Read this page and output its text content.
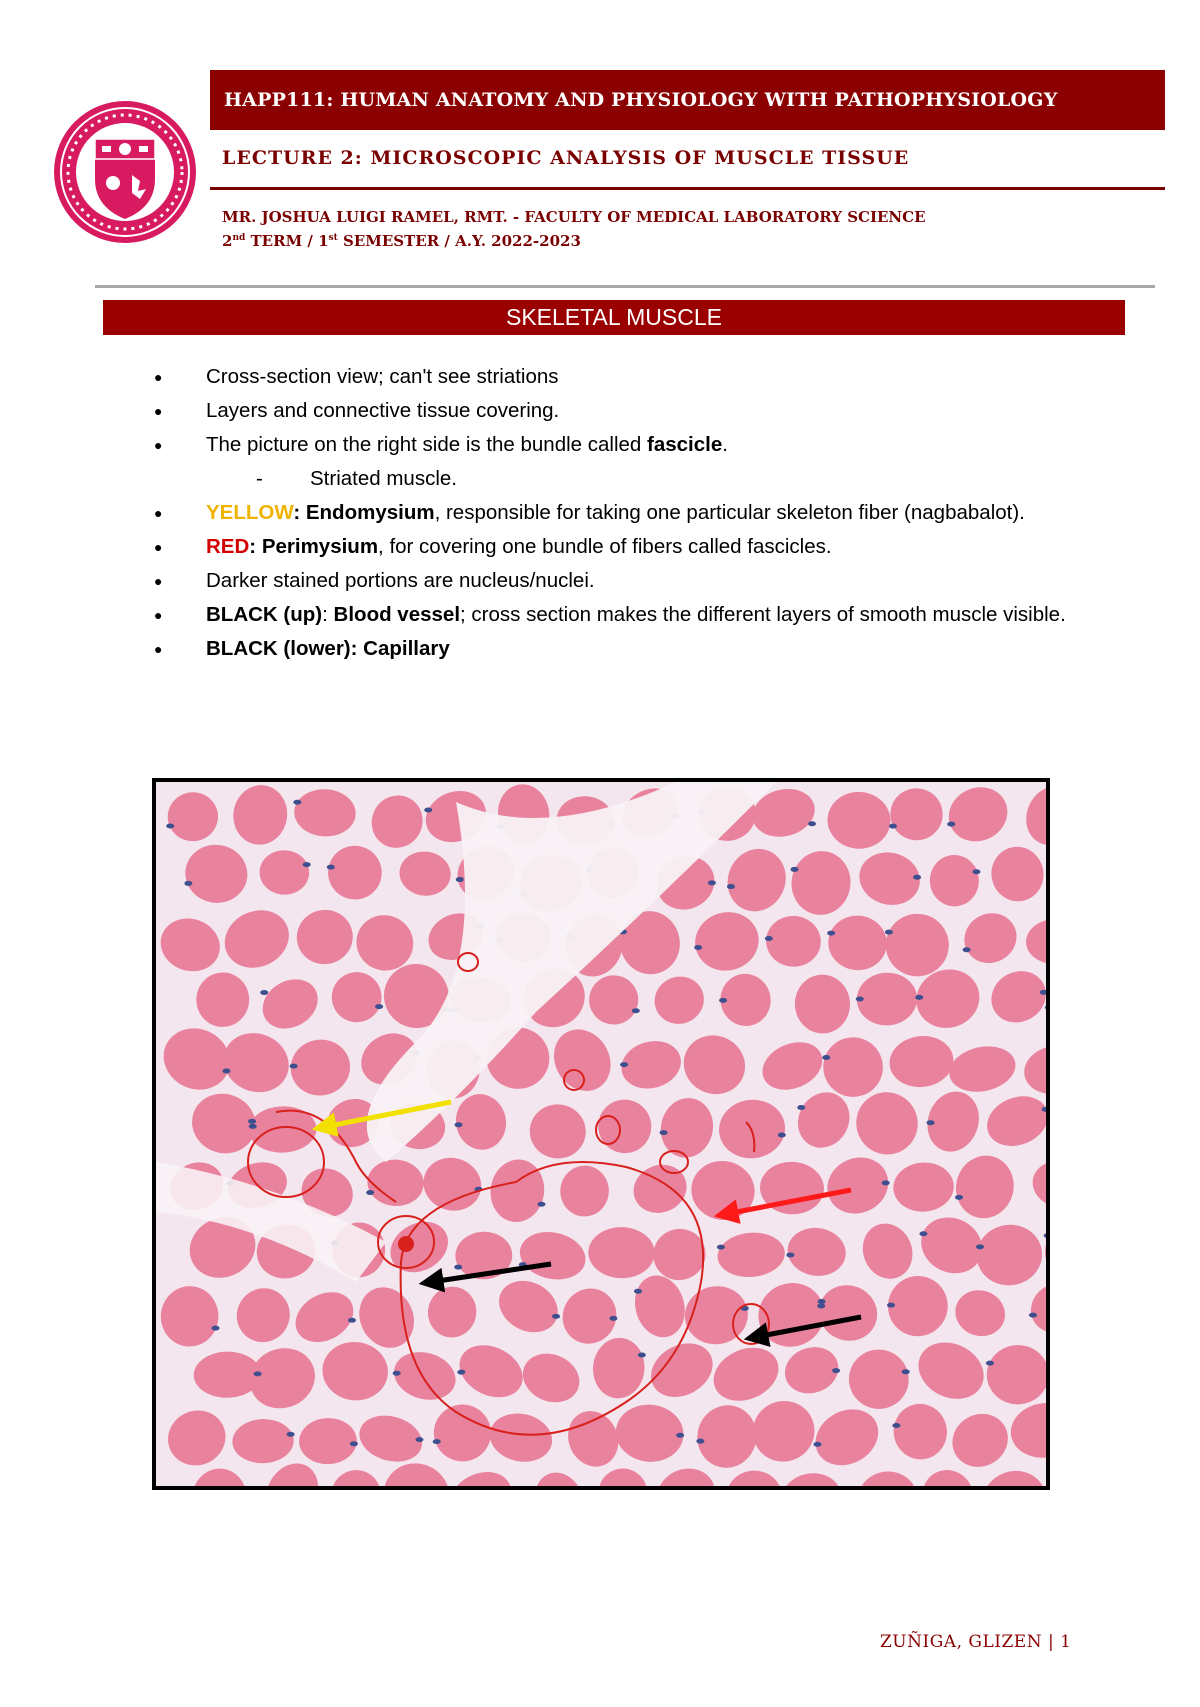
HAPP111: HUMAN ANATOMY AND PHYSIOLOGY WITH PATHOPHYSIOLOGY
LECTURE 2: MICROSCOPIC ANALYSIS OF MUSCLE TISSUE
MR. JOSHUA LUIGI RAMEL, RMT. - FACULTY OF MEDICAL LABORATORY SCIENCE
2nd TERM / 1st SEMESTER / A.Y. 2022-2023
SKELETAL MUSCLE
● Cross-section view; can't see striations
● Layers and connective tissue covering.
● The picture on the right side is the bundle called fascicle.
- Striated muscle.
● YELLOW: Endomysium, responsible for taking one particular skeleton fiber (nagbabalot).
● RED: Perimysium, for covering one bundle of fibers called fascicles.
● Darker stained portions are nucleus/nuclei.
● BLACK (up): Blood vessel; cross section makes the different layers of smooth muscle visible.
● BLACK (lower): Capillary
ZUÑIGA, GLIZEN | 1
